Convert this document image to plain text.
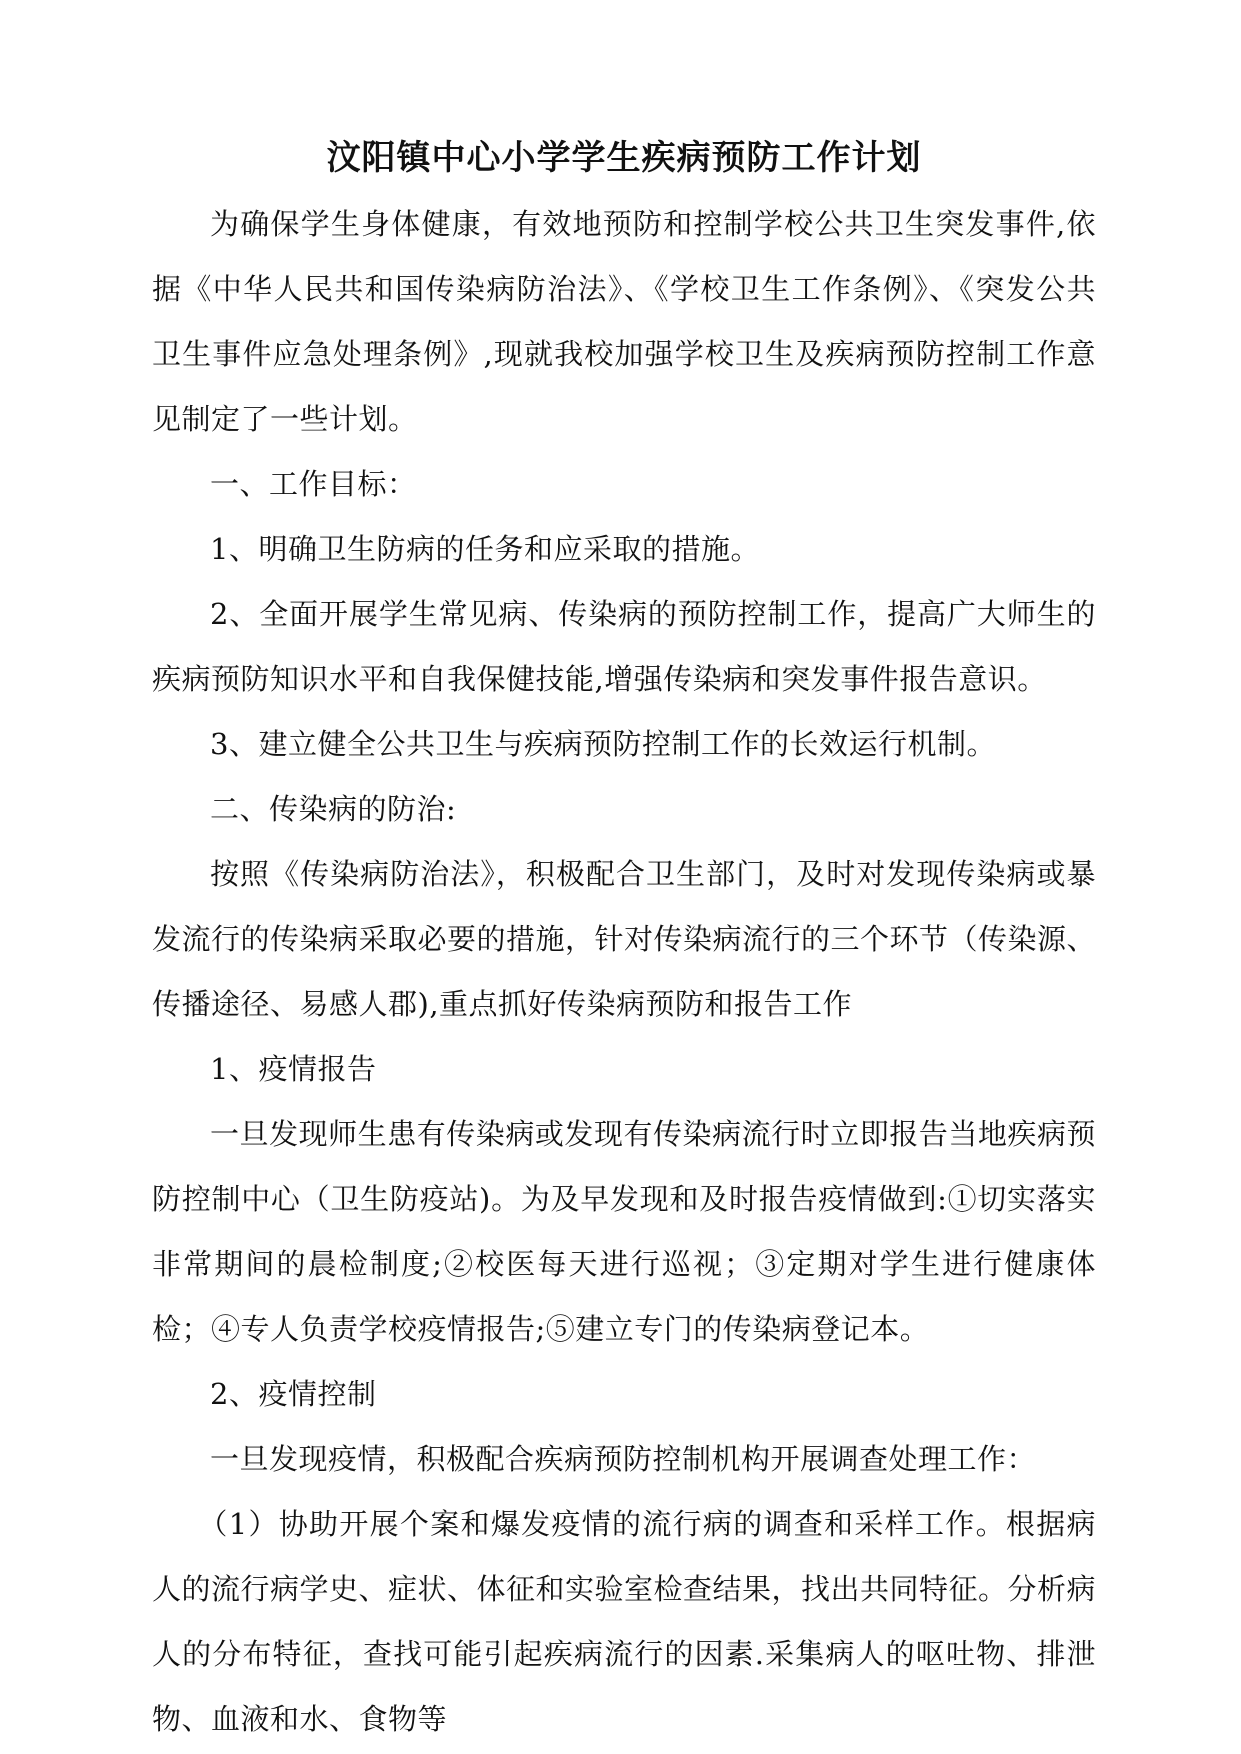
汶阳镇中心小学学生疾病预防工作计划

为确保学生身体健康，有效地预防和控制学校公共卫生突发事件,依据《中华人民共和国传染病防治法》、《学校卫生工作条例》、《突发公共卫生事件应急处理条例》,现就我校加强学校卫生及疾病预防控制工作意见制定了一些计划。

一、工作目标：

1、明确卫生防病的任务和应采取的措施。

2、全面开展学生常见病、传染病的预防控制工作，提高广大师生的疾病预防知识水平和自我保健技能,增强传染病和突发事件报告意识。

3、建立健全公共卫生与疾病预防控制工作的长效运行机制。

二、传染病的防治:

按照《传染病防治法》，积极配合卫生部门，及时对发现传染病或暴发流行的传染病采取必要的措施，针对传染病流行的三个环节（传染源、传播途径、易感人郡),重点抓好传染病预防和报告工作

1、疫情报告

一旦发现师生患有传染病或发现有传染病流行时立即报告当地疾病预防控制中心（卫生防疫站)。为及早发现和及时报告疫情做到:①切实落实非常期间的晨检制度;②校医每天进行巡视；③定期对学生进行健康体检；④专人负责学校疫情报告;⑤建立专门的传染病登记本。

2、疫情控制

一旦发现疫情，积极配合疾病预防控制机构开展调查处理工作：

（1）协助开展个案和爆发疫情的流行病的调查和采样工作。根据病人的流行病学史、症状、体征和实验室检查结果，找出共同特征。分析病人的分布特征，查找可能引起疾病流行的因素.采集病人的呕吐物、排泄物、血液和水、食物等
